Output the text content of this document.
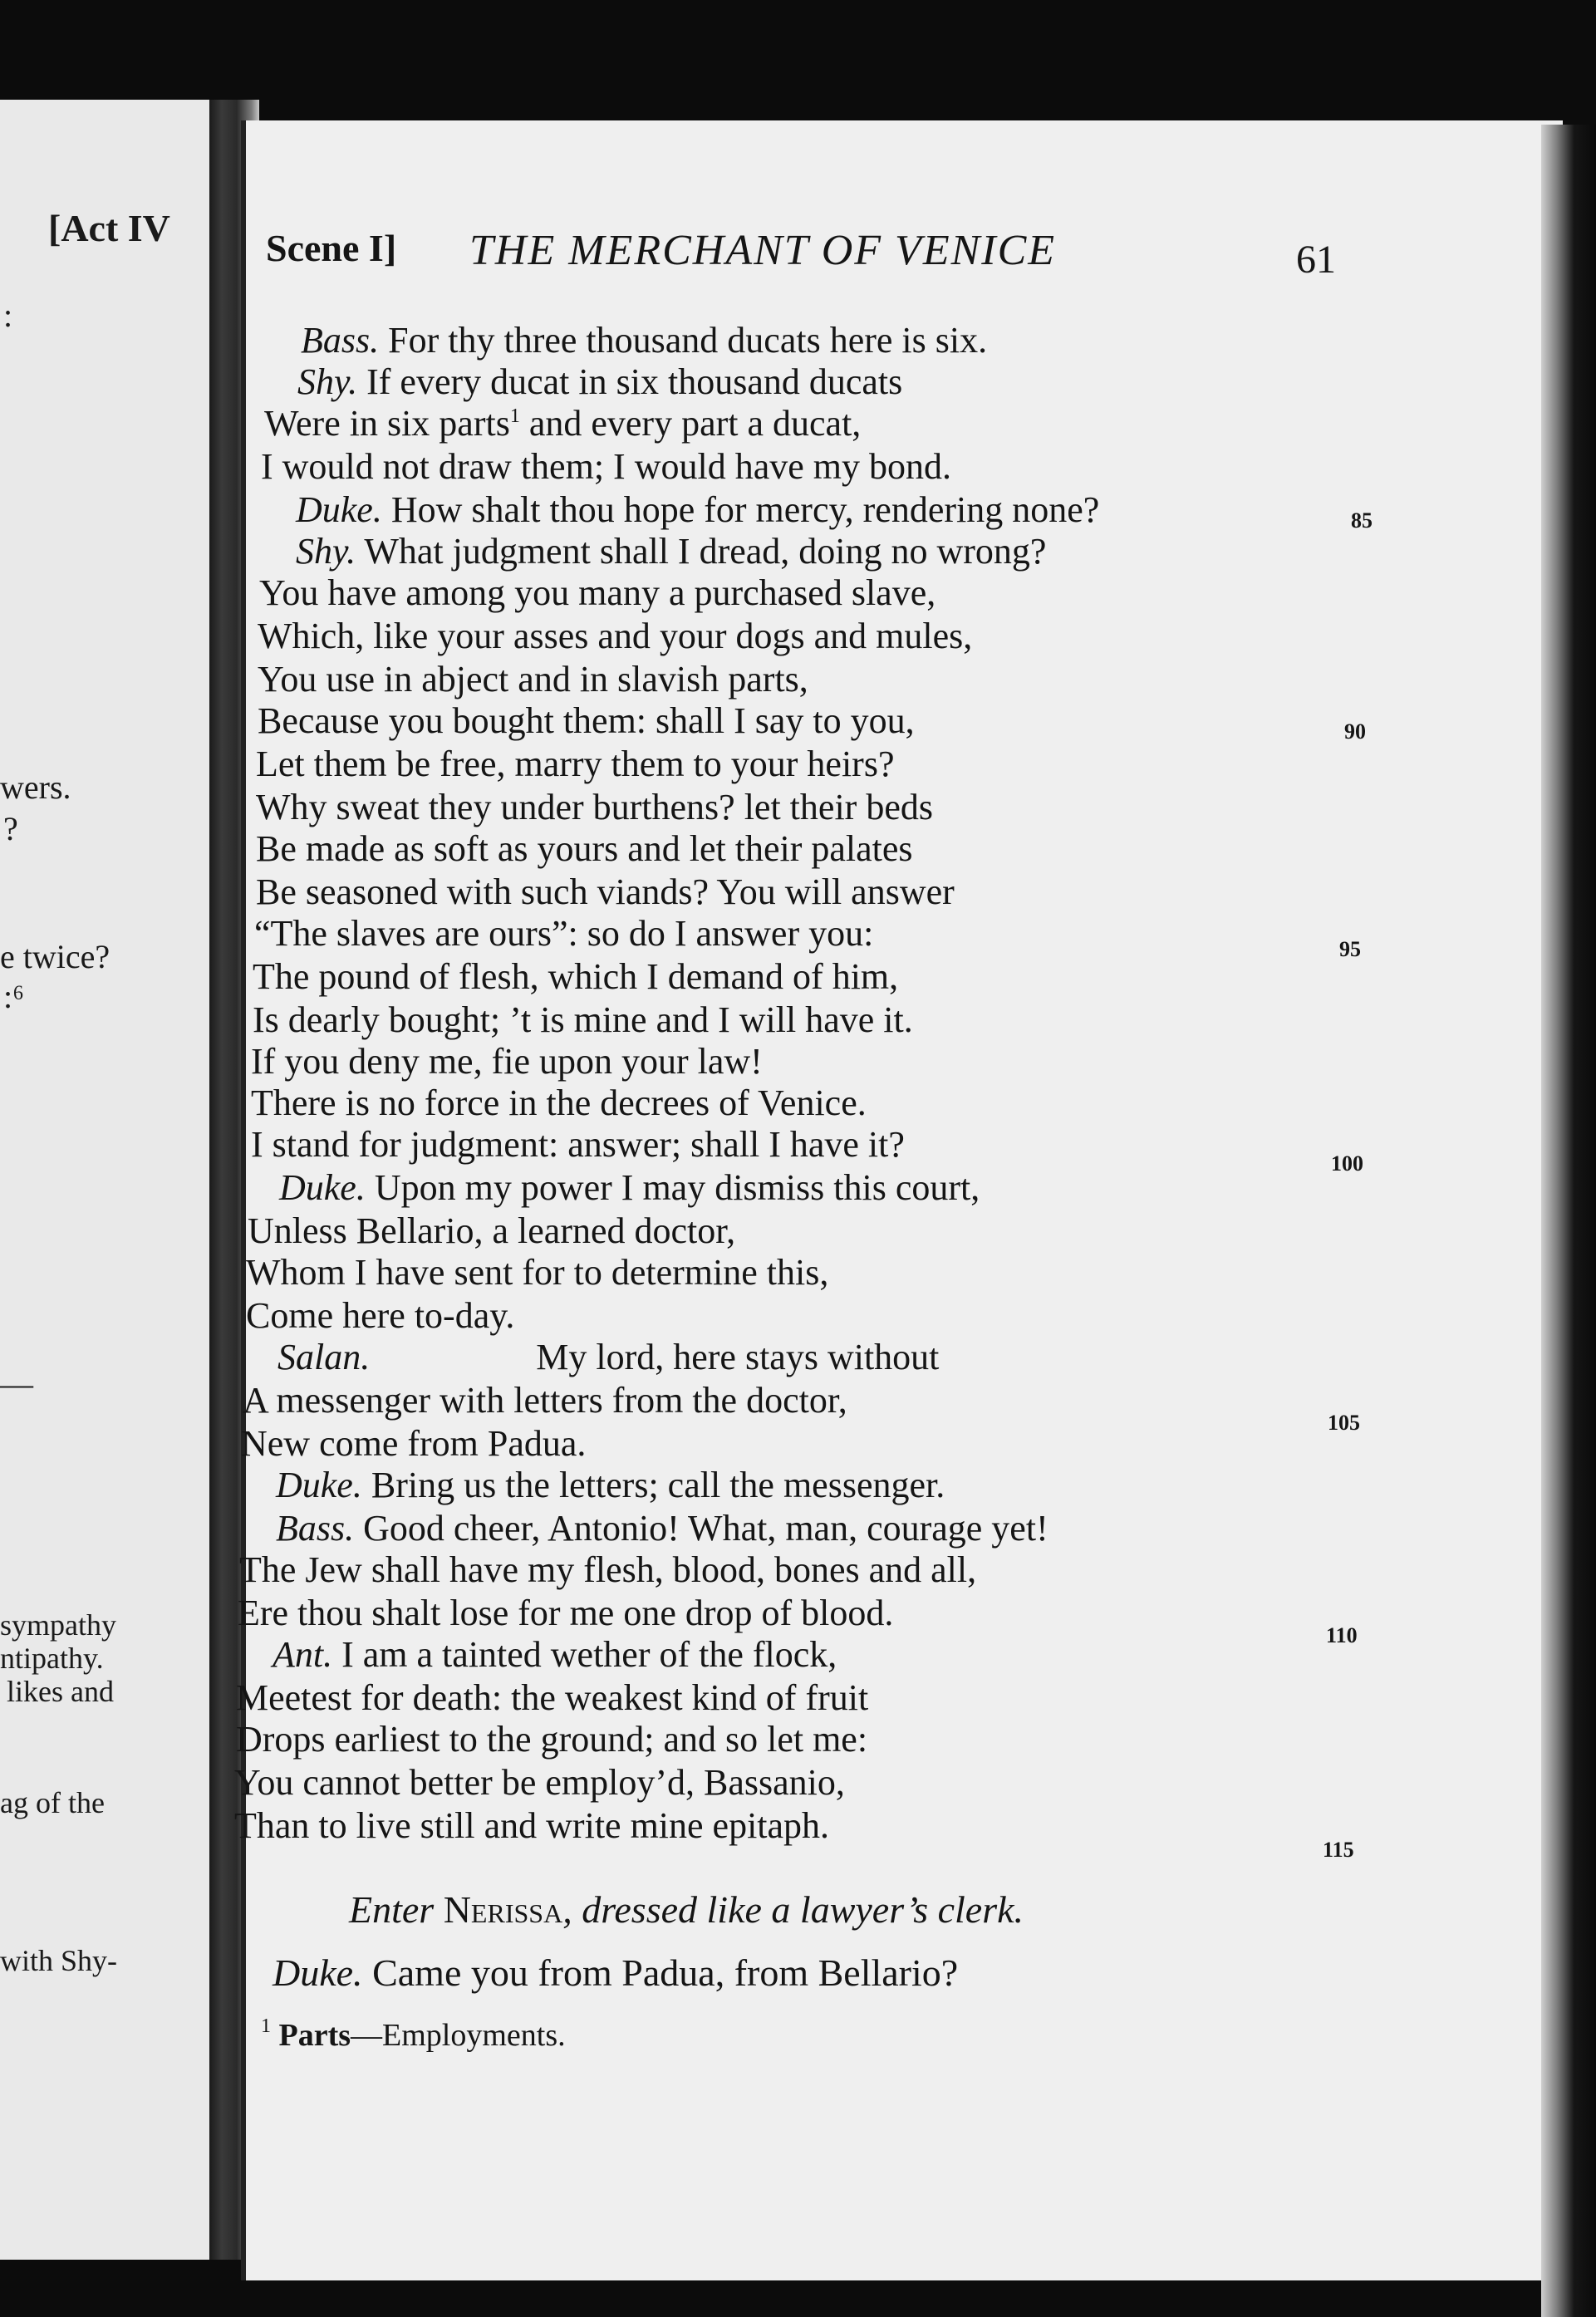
[Act IV
:
wers.
?
e twice?
:⁶
—
sympathy
ntipathy.
likes and
ag of the
with Shy-
Scene I] THE MERCHANT OF VENICE	61
Bass. For thy three thousand ducats here is six.
Shy. If every ducat in six thousand ducats
Were in six parts$^1$ and every part a ducat,
I would not draw them; I would have my bond.
Duke. How shalt thou hope for mercy, rendering none?
Shy. What judgment shall I dread, doing no wrong?
You have among you many a purchased slave,
Which, like your asses and your dogs and mules,
You use in abject and in slavish parts,
Because you bought them: shall I say to you,
Let them be free, marry them to your heirs?
Why sweat they under burthens? let their beds
Be made as soft as yours and let their palates
Be seasoned with such viands? You will answer
“The slaves are ours”: so do I answer you:
The pound of flesh, which I demand of him,
Is dearly bought; ’t is mine and I will have it.
If you deny me, fie upon your law!
There is no force in the decrees of Venice.
I stand for judgment: answer; shall I have it?
Duke. Upon my power I may dismiss this court,
Unless Bellario, a learned doctor,
Whom I have sent for to determine this,
Come here to-day.
Salan.	My lord, here stays without
A messenger with letters from the doctor,
New come from Padua.
Duke. Bring us the letters; call the messenger.
Bass. Good cheer, Antonio! What, man, courage yet!
The Jew shall have my flesh, blood, bones and all,
Ere thou shalt lose for me one drop of blood.
Ant. I am a tainted wether of the flock,
Meetest for death: the weakest kind of fruit
Drops earliest to the ground; and so let me:
You cannot better be employ’d, Bassanio,
Than to live still and write mine epitaph.
85
90
95
100
105
110
115
Enter Nerissa, dressed like a lawyer’s clerk.
Duke. Came you from Padua, from Bellario?
$^1$ Parts—Employments.
